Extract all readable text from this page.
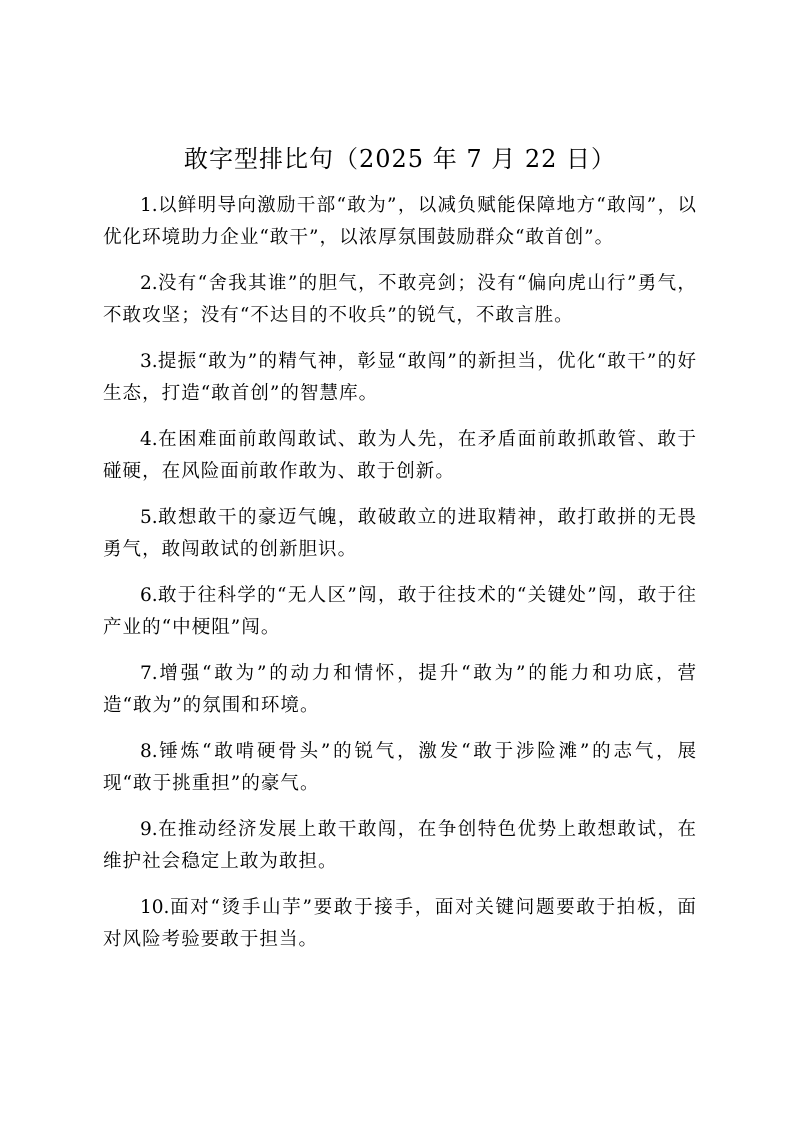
敢字型排比句（2025 年 7 月 22 日）

1.以鲜明导向激励干部“敢为”，以减负赋能保障地方“敢闯”，以优化环境助力企业“敢干”，以浓厚氛围鼓励群众“敢首创”。

2.没有“舍我其谁”的胆气，不敢亮剑；没有“偏向虎山行”勇气，不敢攻坚；没有“不达目的不收兵”的锐气，不敢言胜。

3.提振“敢为”的精气神，彰显“敢闯”的新担当，优化“敢干”的好生态，打造“敢首创”的智慧库。

4.在困难面前敢闯敢试、敢为人先，在矛盾面前敢抓敢管、敢于碰硬，在风险面前敢作敢为、敢于创新。

5.敢想敢干的豪迈气魄，敢破敢立的进取精神，敢打敢拼的无畏勇气，敢闯敢试的创新胆识。

6.敢于往科学的“无人区”闯，敢于往技术的“关键处”闯，敢于往产业的“中梗阻”闯。

7.增强“敢为”的动力和情怀，提升“敢为”的能力和功底，营造“敢为”的氛围和环境。

8.锤炼“敢啃硬骨头”的锐气，激发“敢于涉险滩”的志气，展现“敢于挑重担”的豪气。

9.在推动经济发展上敢干敢闯，在争创特色优势上敢想敢试，在维护社会稳定上敢为敢担。

10.面对“烫手山芋”要敢于接手，面对关键问题要敢于拍板，面对风险考验要敢于担当。
